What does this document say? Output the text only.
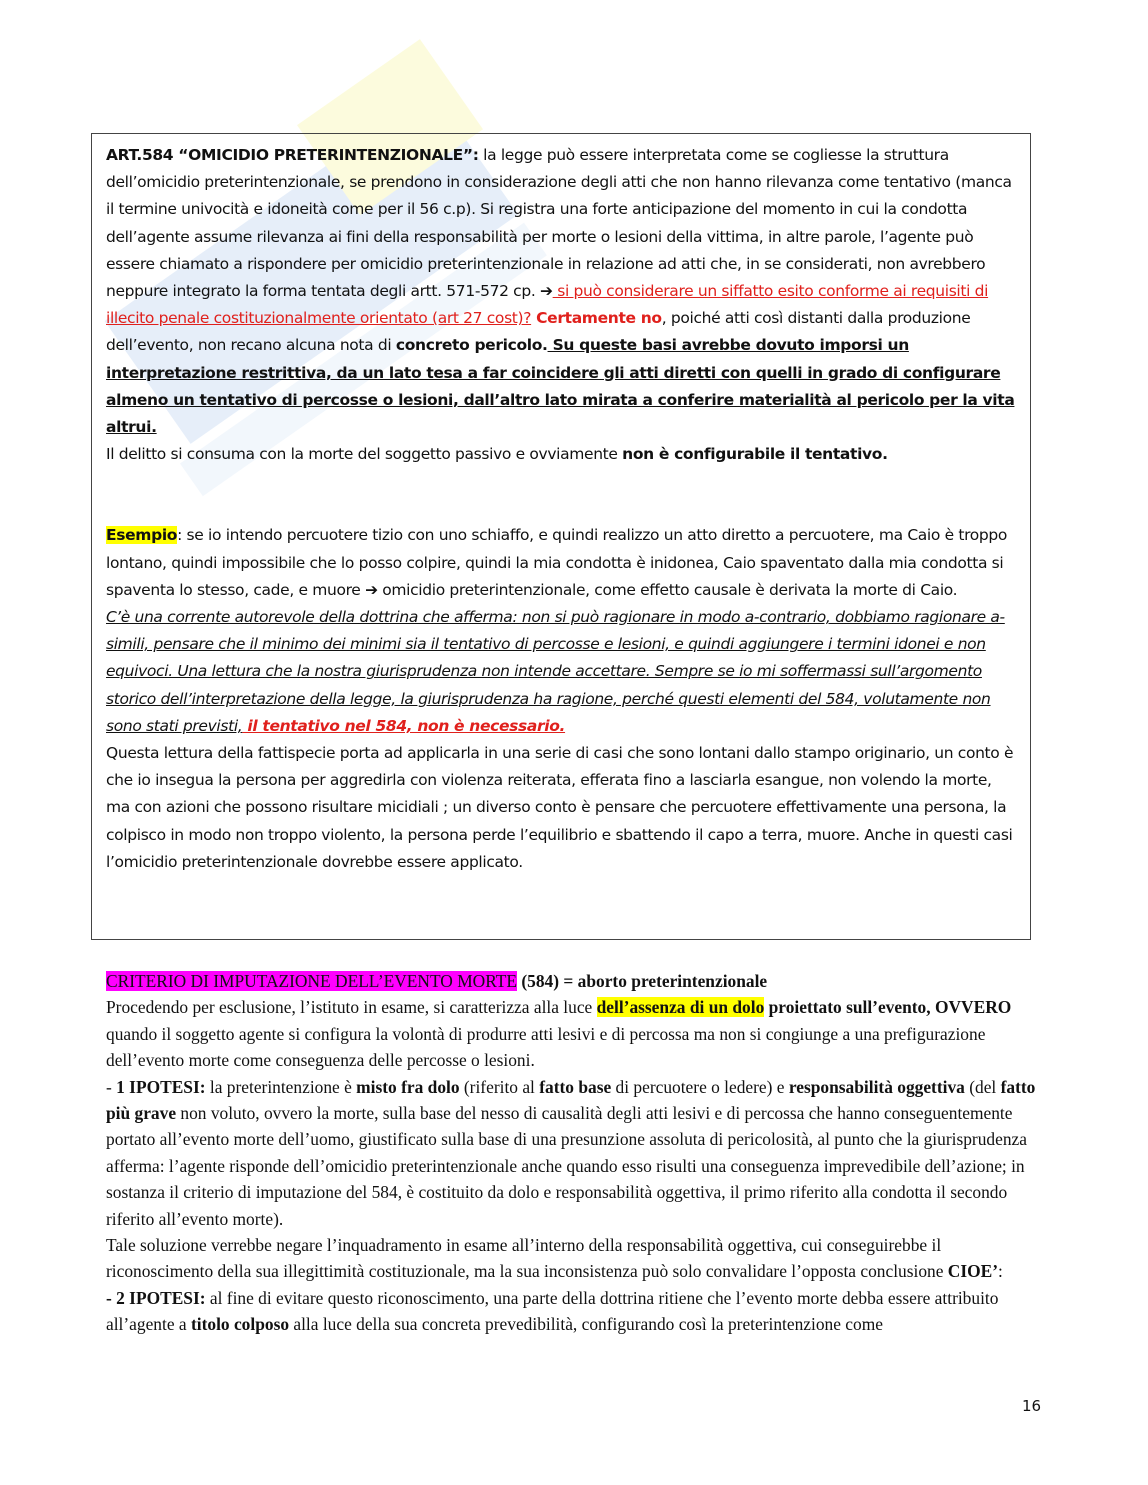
ART.584 “OMICIDIO PRETERINTENZIONALE”: la legge può essere interpretata come se cogliesse la struttura dell’omicidio preterintenzionale, se prendono in considerazione degli atti che non hanno rilevanza come tentativo (manca il termine univocità e idoneità come per il 56 c.p). Si registra una forte anticipazione del momento in cui la condotta dell’agente assume rilevanza ai fini della responsabilità per morte o lesioni della vittima, in altre parole, l’agente può essere chiamato a rispondere per omicidio preterintenzionale in relazione ad atti che, in se considerati, non avrebbero neppure integrato la forma tentata degli artt. 571-572 cp. ➔ si può considerare un siffatto esito conforme ai requisiti di illecito penale costituzionalmente orientato (art 27 cost)? Certamente no, poiché atti così distanti dalla produzione dell’evento, non recano alcuna nota di concreto pericolo. Su queste basi avrebbe dovuto imporsi un interpretazione restrittiva, da un lato tesa a far coincidere gli atti diretti con quelli in grado di configurare almeno un tentativo di percosse o lesioni, dall’altro lato mirata a conferire materialità al pericolo per la vita altrui.

Il delitto si consuma con la morte del soggetto passivo e ovviamente non è configurabile il tentativo.

Esempio: se io intendo percuotere tizio con uno schiaffo, e quindi realizzo un atto diretto a percuotere, ma Caio è troppo lontano, quindi impossibile che lo posso colpire, quindi la mia condotta è inidonea, Caio spaventato dalla mia condotta si spaventa lo stesso, cade, e muore ➔ omicidio preterintenzionale, come effetto causale è derivata la morte di Caio.

C’è una corrente autorevole della dottrina che afferma: non si può ragionare in modo a-contrario, dobbiamo ragionare a-simili, pensare che il minimo dei minimi sia il tentativo di percosse e lesioni, e quindi aggiungere i termini idonei e non equivoci. Una lettura che la nostra giurisprudenza non intende accettare. Sempre se io mi soffermassi sull’argomento storico dell’interpretazione della legge, la giurisprudenza ha ragione, perché questi elementi del 584, volutamente non sono stati previsti, il tentativo nel 584, non è necessario.

Questa lettura della fattispecie porta ad applicarla in una serie di casi che sono lontani dallo stampo originario, un conto è che io insegua la persona per aggredirla con violenza reiterata, efferata fino a lasciarla esangue, non volendo la morte, ma con azioni che possono risultare micidiali ; un diverso conto è pensare che percuotere effettivamente una persona, la colpisco in modo non troppo violento, la persona perde l’equilibrio e sbattendo il capo a terra, muore. Anche in questi casi l’omicidio preterintenzionale dovrebbe essere applicato.

CRITERIO DI IMPUTAZIONE DELL’EVENTO MORTE (584) = aborto preterintenzionale

Procedendo per esclusione, l’istituto in esame, si caratterizza alla luce dell’assenza di un dolo proiettato sull’evento, OVVERO quando il soggetto agente si configura la volontà di produrre atti lesivi e di percossa ma non si congiunge a una prefigurazione dell’evento morte come conseguenza delle percosse o lesioni.

- 1 IPOTESI: la preterintenzione è misto fra dolo (riferito al fatto base di percuotere o ledere) e responsabilità oggettiva (del fatto più grave non voluto, ovvero la morte, sulla base del nesso di causalità degli atti lesivi e di percossa che hanno conseguentemente portato all’evento morte dell’uomo, giustificato sulla base di una presunzione assoluta di pericolosità, al punto che la giurisprudenza afferma: l’agente risponde dell’omicidio preterintenzionale anche quando esso risulti una conseguenza imprevedibile dell’azione; in sostanza il criterio di imputazione del 584, è costituito da dolo e responsabilità oggettiva, il primo riferito alla condotta il secondo riferito all’evento morte).

Tale soluzione verrebbe negare l’inquadramento in esame all’interno della responsabilità oggettiva, cui conseguirebbe il riconoscimento della sua illegittimità costituzionale, ma la sua inconsistenza può solo convalidare l’opposta conclusione CIOE’:

- 2 IPOTESI: al fine di evitare questo riconoscimento, una parte della dottrina ritiene che l’evento morte debba essere attribuito all’agente a titolo colposo alla luce della sua concreta prevedibilità, configurando così la preterintenzione come

16
